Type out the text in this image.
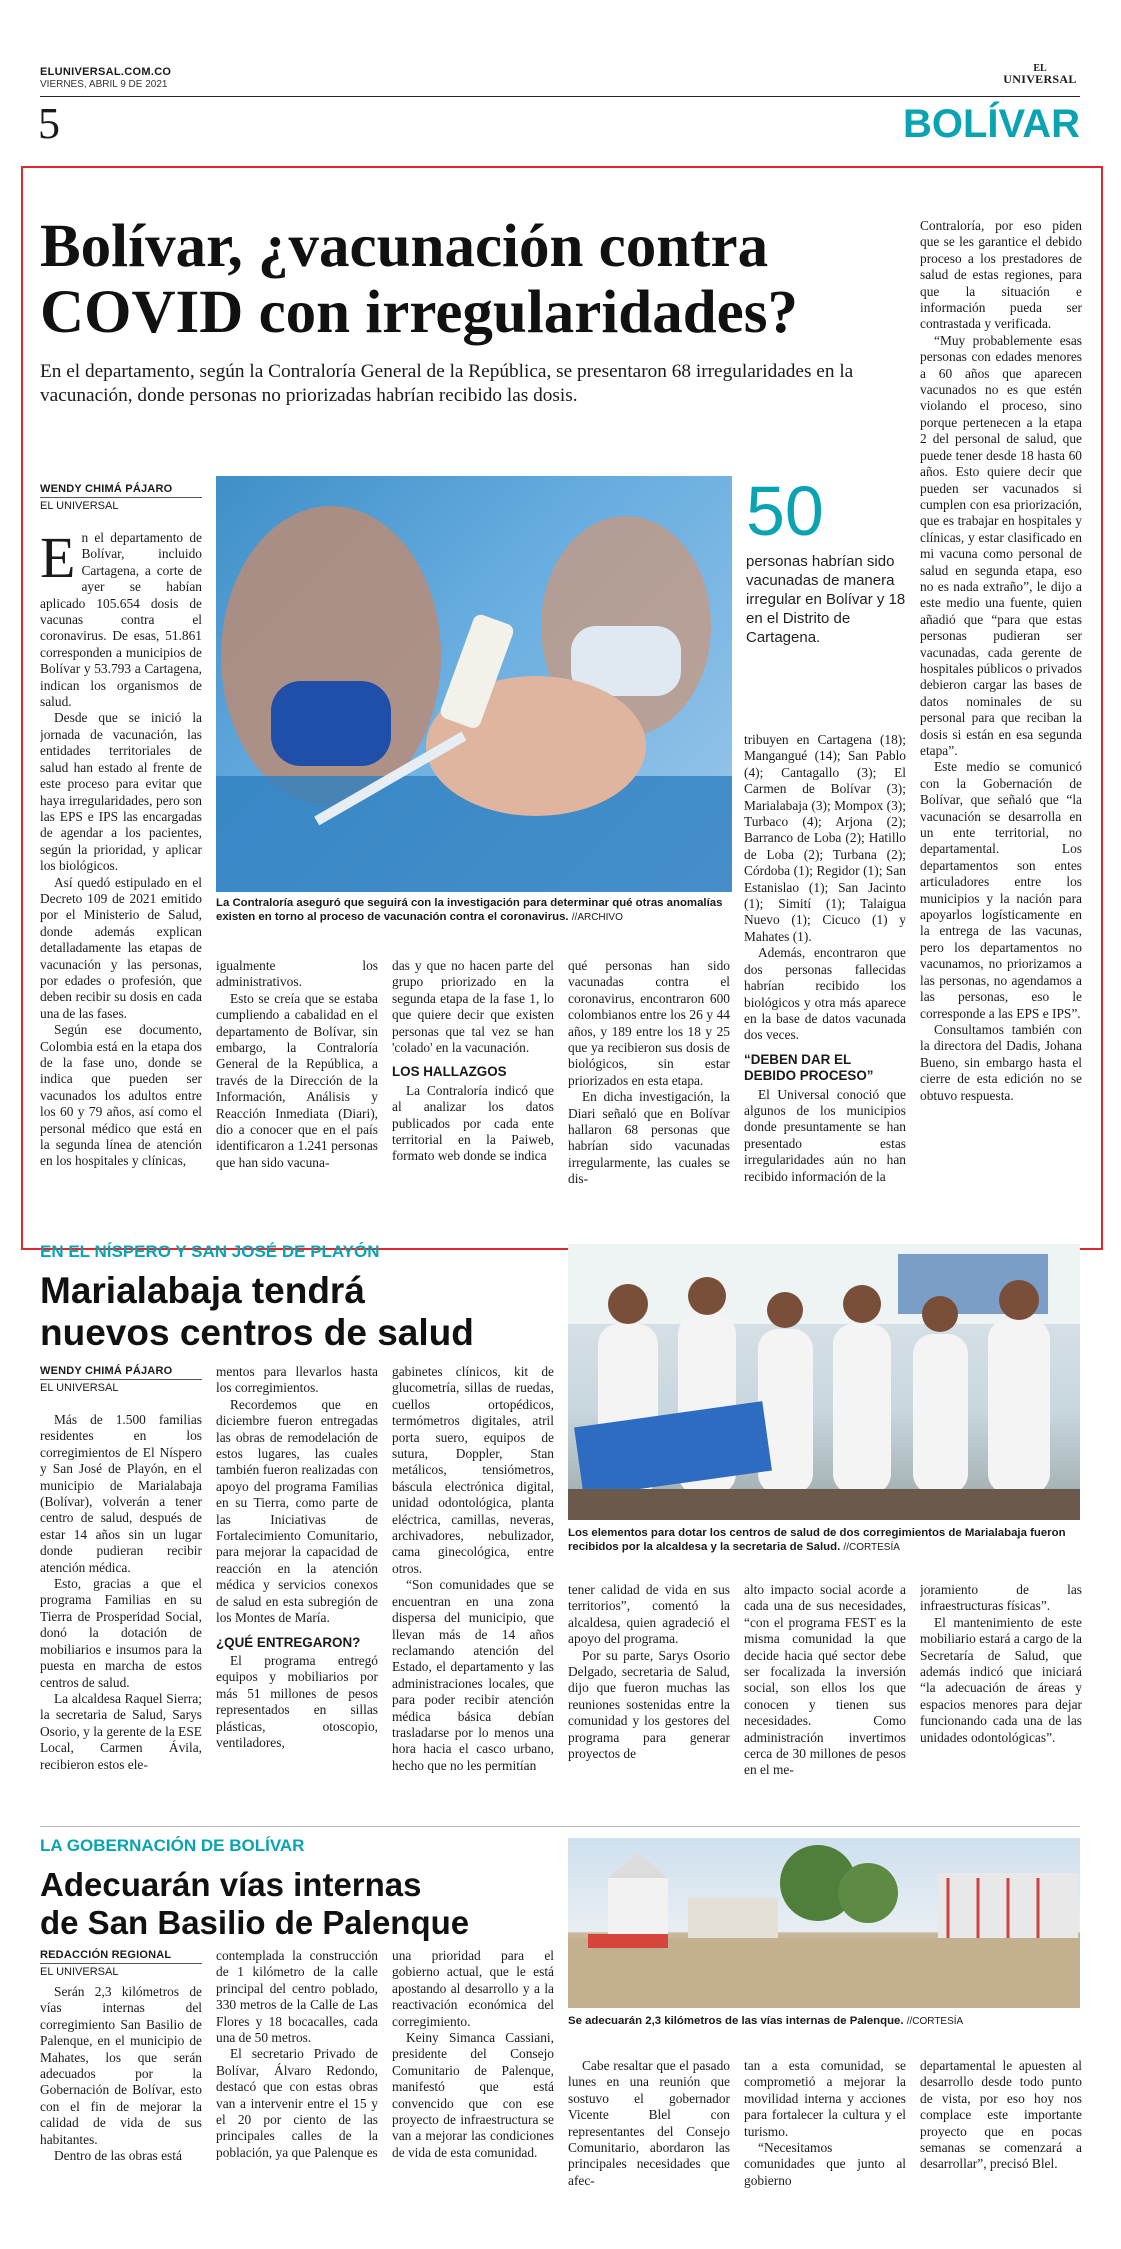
ELUNIVERSAL.COM.CO
VIERNES, ABRIL 9 DE 2021
5
EL
UNIVERSAL
BOLÍVAR
Bolívar, ¿vacunación contra
COVID con irregularidades?
En el departamento, según la Contraloría General de la República, se presentaron 68 irregularidades en la vacunación, donde personas no priorizadas habrían recibido las dosis.
WENDY CHIMÁ PÁJARO
EL UNIVERSAL
La Contraloría aseguró que seguirá con la investigación para determinar qué otras anomalías existen en torno al proceso de vacunación contra el coronavirus. //ARCHIVO
50
personas habrían sido vacunadas de manera irregular en Bolívar y 18 en el Distrito de Cartagena.
E n el departamento de Bolívar, incluido Cartagena, a corte de ayer se habían aplicado 105.654 dosis de vacunas contra el coronavirus. De esas, 51.861 corresponden a municipios de Bolívar y 53.793 a Cartagena, indican los organismos de salud.

Desde que se inició la jornada de vacunación, las entidades territoriales de salud han estado al frente de este proceso para evitar que haya irregularidades, pero son las EPS e IPS las encargadas de agendar a los pacientes, según la prioridad, y aplicar los biológicos.

Así quedó estipulado en el Decreto 109 de 2021 emitido por el Ministerio de Salud, donde además explican detalladamente las etapas de vacunación y las personas, por edades o profesión, que deben recibir su dosis en cada una de las fases.

Según ese documento, Colombia está en la etapa dos de la fase uno, donde se indica que pueden ser vacunados los adultos entre los 60 y 79 años, así como el personal médico que está en la segunda línea de atención en los hospitales y clínicas,

igualmente los administrativos.

Esto se creía que se estaba cumpliendo a cabalidad en el departamento de Bolívar, sin embargo, la Contraloría General de la República, a través de la Dirección de la Información, Análisis y Reacción Inmediata (Diari), dio a conocer que en el país identificaron a 1.241 personas que han sido vacuna-

das y que no hacen parte del grupo priorizado en la segunda etapa de la fase 1, lo que quiere decir que existen personas que tal vez se han 'colado' en la vacunación.

LOS HALLAZGOS

La Contraloría indicó que al analizar los datos publicados por cada ente territorial en la Paiweb, formato web donde se indica

qué personas han sido vacunadas contra el coronavirus, encontraron 600 colombianos entre los 26 y 44 años, y 189 entre los 18 y 25 que ya recibieron sus dosis de biológicos, sin estar priorizados en esta etapa.

En dicha investigación, la Diari señaló que en Bolívar hallaron 68 personas que habrían sido vacunadas irregularmente, las cuales se dis-

tribuyen en Cartagena (18); Mangangué (14); San Pablo (4); Cantagallo (3); El Carmen de Bolívar (3); Marialabaja (3); Mompox (3); Turbaco (4); Arjona (2); Barranco de Loba (2); Hatillo de Loba (2); Turbana (2); Córdoba (1); Regidor (1); San Estanislao (1); San Jacinto (1); Simití (1); Talaigua Nuevo (1); Cicuco (1) y Mahates (1).

Además, encontraron que dos personas fallecidas habrían recibido los biológicos y otra más aparece en la base de datos vacunada dos veces.

“DEBEN DAR EL DEBIDO PROCESO”

El Universal conoció que algunos de los municipios donde presuntamente se han presentado estas irregularidades aún no han recibido información de la

Contraloría, por eso piden que se les garantice el debido proceso a los prestadores de salud de estas regiones, para que la situación e información pueda ser contrastada y verificada.

“Muy probablemente esas personas con edades menores a 60 años que aparecen vacunados no es que estén violando el proceso, sino porque pertenecen a la etapa 2 del personal de salud, que puede tener desde 18 hasta 60 años. Esto quiere decir que pueden ser vacunados si cumplen con esa priorización, que es trabajar en hospitales y clínicas, y estar clasificado en mi vacuna como personal de salud en segunda etapa, eso no es nada extraño”, le dijo a este medio una fuente, quien añadió que “para que estas personas pudieran ser vacunadas, cada gerente de hospitales públicos o privados debieron cargar las bases de datos nominales de su personal para que reciban la dosis si están en esa segunda etapa”.

Este medio se comunicó con la Gobernación de Bolívar, que señaló que “la vacunación se desarrolla en un ente territorial, no departamental. Los departamentos son entes articuladores entre los municipios y la nación para apoyarlos logísticamente en la entrega de las vacunas, pero los departamentos no vacunamos, no priorizamos a las personas, no agendamos a las personas, eso le corresponde a las EPS e IPS”.

Consultamos también con la directora del Dadis, Johana Bueno, sin embargo hasta el cierre de esta edición no se obtuvo respuesta.

EN EL NÍSPERO Y SAN JOSÉ DE PLAYÓN
Marialabaja tendrá
nuevos centros de salud
WENDY CHIMÁ PÁJARO
EL UNIVERSAL
Los elementos para dotar los centros de salud de dos corregimientos de Marialabaja fueron recibidos por la alcaldesa y la secretaria de Salud. //CORTESÍA

Más de 1.500 familias residentes en los corregimientos de El Níspero y San José de Playón, en el municipio de Marialabaja (Bolívar), volverán a tener centro de salud, después de estar 14 años sin un lugar donde pudieran recibir atención médica.

Esto, gracias a que el programa Familias en su Tierra de Prosperidad Social, donó la dotación de mobiliarios e insumos para la puesta en marcha de estos centros de salud.

La alcaldesa Raquel Sierra; la secretaria de Salud, Sarys Osorio, y la gerente de la ESE Local, Carmen Ávila, recibieron estos ele-

mentos para llevarlos hasta los corregimientos.

Recordemos que en diciembre fueron entregadas las obras de remodelación de estos lugares, las cuales también fueron realizadas con apoyo del programa Familias en su Tierra, como parte de las Iniciativas de Fortalecimiento Comunitario, para mejorar la capacidad de reacción en la atención médica y servicios conexos de salud en esta subregión de los Montes de María.

¿QUÉ ENTREGARON?

El programa entregó equipos y mobiliarios por más 51 millones de pesos representados en sillas plásticas, otoscopio, ventiladores,

gabinetes clínicos, kit de glucometría, sillas de ruedas, cuellos ortopédicos, termómetros digitales, atril porta suero, equipos de sutura, Doppler, Stan metálicos, tensiómetros, báscula electrónica digital, unidad odontológica, planta eléctrica, camillas, neveras, archivadores, nebulizador, cama ginecológica, entre otros.

“Son comunidades que se encuentran en una zona dispersa del municipio, que llevan más de 14 años reclamando atención del Estado, el departamento y las administraciones locales, que para poder recibir atención médica básica debían trasladarse por lo menos una hora hacia el casco urbano, hecho que no les permitían

tener calidad de vida en sus territorios”, comentó la alcaldesa, quien agradeció el apoyo del programa.

Por su parte, Sarys Osorio Delgado, secretaria de Salud, dijo que fueron muchas las reuniones sostenidas entre la comunidad y los gestores del programa para generar proyectos de

alto impacto social acorde a cada una de sus necesidades, “con el programa FEST es la misma comunidad la que decide hacia qué sector debe ser focalizada la inversión social, son ellos los que conocen y tienen sus necesidades. Como administración invertimos cerca de 30 millones de pesos en el me-

joramiento de las infraestructuras físicas”.

El mantenimiento de este mobiliario estará a cargo de la Secretaría de Salud, que además indicó que iniciará “la adecuación de áreas y espacios menores para dejar funcionando cada una de las unidades odontológicas”.

LA GOBERNACIÓN DE BOLÍVAR
Adecuarán vías internas
de San Basilio de Palenque
REDACCIÓN REGIONAL
EL UNIVERSAL
Se adecuarán 2,3 kilómetros de las vías internas de Palenque. //CORTESÍA

Serán 2,3 kilómetros de vías internas del corregimiento San Basilio de Palenque, en el municipio de Mahates, los que serán adecuados por la Gobernación de Bolívar, esto con el fin de mejorar la calidad de vida de sus habitantes.

Dentro de las obras está

contemplada la construcción de 1 kilómetro de la calle principal del centro poblado, 330 metros de la Calle de Las Flores y 18 bocacalles, cada una de 50 metros.

El secretario Privado de Bolívar, Álvaro Redondo, destacó que con estas obras van a intervenir entre el 15 y el 20 por ciento de las principales calles de la población, ya que Palenque es

una prioridad para el gobierno actual, que le está apostando al desarrollo y a la reactivación económica del corregimiento.

Keiny Simanca Cassiani, presidente del Consejo Comunitario de Palenque, manifestó que está convencido que con ese proyecto de infraestructura se van a mejorar las condiciones de vida de esta comunidad.

Cabe resaltar que el pasado lunes en una reunión que sostuvo el gobernador Vicente Blel con representantes del Consejo Comunitario, abordaron las principales necesidades que afec-

tan a esta comunidad, se comprometió a mejorar la movilidad interna y acciones para fortalecer la cultura y el turismo.

“Necesitamos comunidades que junto al gobierno

departamental le apuesten al desarrollo desde todo punto de vista, por eso hoy nos complace este importante proyecto que en pocas semanas se comenzará a desarrollar”, precisó Blel.
